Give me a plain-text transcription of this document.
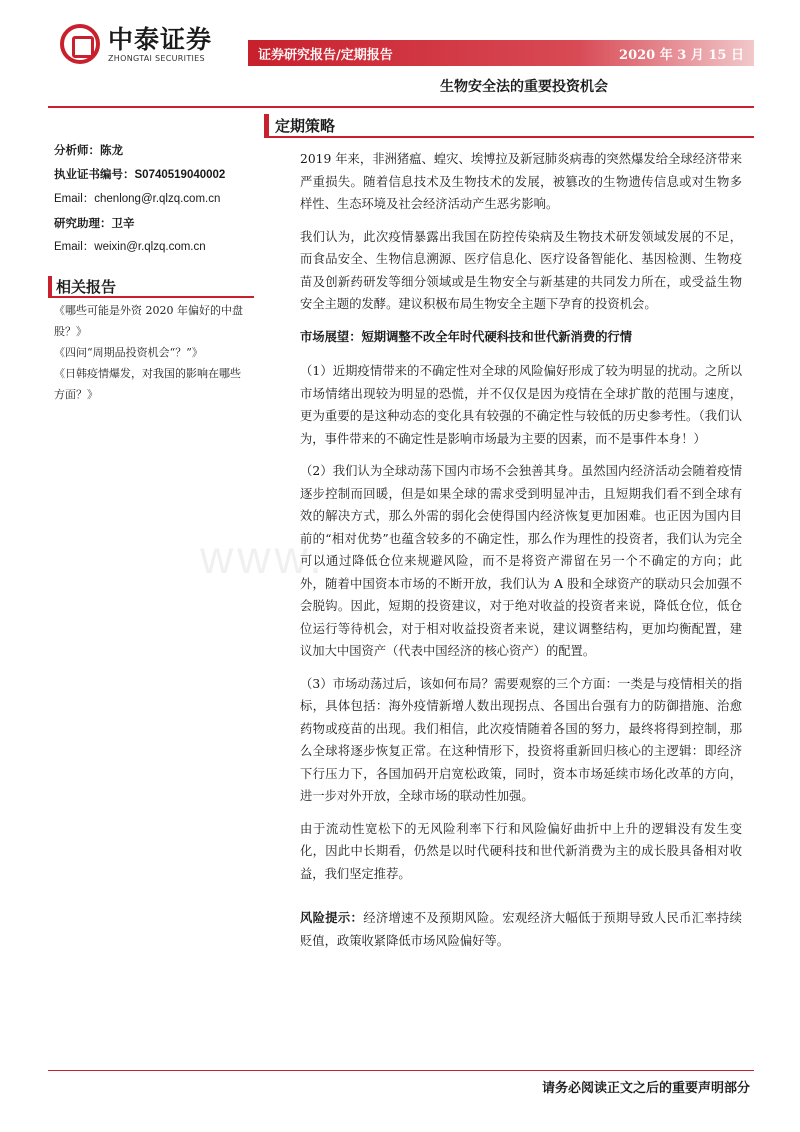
中泰证券
ZHONGTAI SECURITIES	证券研究报告/定期报告	2020 年 3 月 15 日
生物安全法的重要投资机会
定期策略
分析师：陈龙
执业证书编号：S0740519040002
Email：chenlong@r.qlzq.com.cn
研究助理：卫辛
Email：weixin@r.qlzq.com.cn
相关报告
《哪些可能是外资 2020 年偏好的中盘股？》
《四问“周期品投资机会“？”》
《日韩疫情爆发，对我国的影响在哪些方面？》

2019 年来，非洲猪瘟、蝗灾、埃博拉及新冠肺炎病毒的突然爆发给全球经济带来严重损失。随着信息技术及生物技术的发展，被篡改的生物遗传信息或对生物多样性、生态环境及社会经济活动产生恶劣影响。

我们认为，此次疫情暴露出我国在防控传染病及生物技术研发领域发展的不足，而食品安全、生物信息溯源、医疗信息化、医疗设备智能化、基因检测、生物疫苗及创新药研发等细分领域或是生物安全与新基建的共同发力所在，或受益生物安全主题的发酵。建议积极布局生物安全主题下孕育的投资机会。

市场展望：短期调整不改全年时代硬科技和世代新消费的行情

（1）近期疫情带来的不确定性对全球的风险偏好形成了较为明显的扰动。之所以市场情绪出现较为明显的恐慌，并不仅仅是因为疫情在全球扩散的范围与速度，更为重要的是这种动态的变化具有较强的不确定性与较低的历史参考性。（我们认为，事件带来的不确定性是影响市场最为主要的因素，而不是事件本身！）

（2）我们认为全球动荡下国内市场不会独善其身。虽然国内经济活动会随着疫情逐步控制而回暖，但是如果全球的需求受到明显冲击，且短期我们看不到全球有效的解决方式，那么外需的弱化会使得国内经济恢复更加困难。也正因为国内目前的“相对优势”也蕴含较多的不确定性，那么作为理性的投资者，我们认为完全可以通过降低仓位来规避风险，而不是将资产滞留在另一个不确定的方向；此外，随着中国资本市场的不断开放，我们认为 A 股和全球资产的联动只会加强不会脱钩。因此，短期的投资建议，对于绝对收益的投资者来说，降低仓位，低仓位运行等待机会，对于相对收益投资者来说，建议调整结构，更加均衡配置，建议加大中国资产（代表中国经济的核心资产）的配置。

（3）市场动荡过后，该如何布局？需要观察的三个方面：一类是与疫情相关的指标，具体包括：海外疫情新增人数出现拐点、各国出台强有力的防御措施、治愈药物或疫苗的出现。我们相信，此次疫情随着各国的努力，最终将得到控制，那么全球将逐步恢复正常。在这种情形下，投资将重新回归核心的主逻辑：即经济下行压力下，各国加码开启宽松政策，同时，资本市场延续市场化改革的方向，进一步对外开放，全球市场的联动性加强。

由于流动性宽松下的无风险利率下行和风险偏好曲折中上升的逻辑没有发生变化，因此中长期看，仍然是以时代硬科技和世代新消费为主的成长股具备相对收益，我们坚定推荐。

风险提示：经济增速不及预期风险。宏观经济大幅低于预期导致人民币汇率持续贬值，政策收紧降低市场风险偏好等。

www.
请务必阅读正文之后的重要声明部分
